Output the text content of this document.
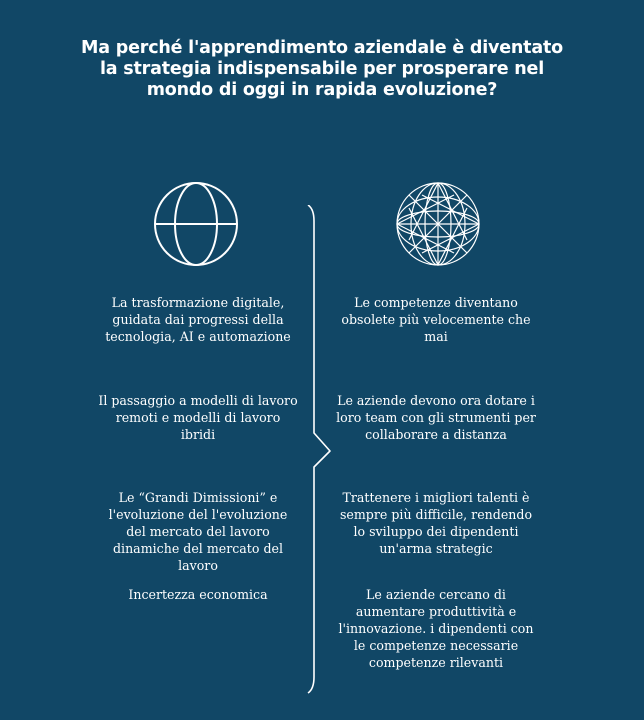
Ma perché l'apprendimento aziendale è diventato la strategia indispensabile per prosperare nel mondo di oggi in rapida evoluzione?

La trasformazione digitale, guidata dai progressi della tecnologia, AI e automazione

Le competenze diventano obsolete più velocemente che mai

Il passaggio a modelli di lavoro remoti e modelli di lavoro ibridi

Le aziende devono ora dotare i loro team con gli strumenti per collaborare a distanza

Le “Grandi Dimissioni” e l'evoluzione del l'evoluzione del mercato del lavoro dinamiche del mercato del lavoro

Trattenere i migliori talenti è sempre più difficile, rendendo lo sviluppo dei dipendenti un'arma strategic

Incertezza economica	Le aziende cercano di aumentare produttività e l'innovazione. i dipendenti con le competenze necessarie competenze rilevanti
